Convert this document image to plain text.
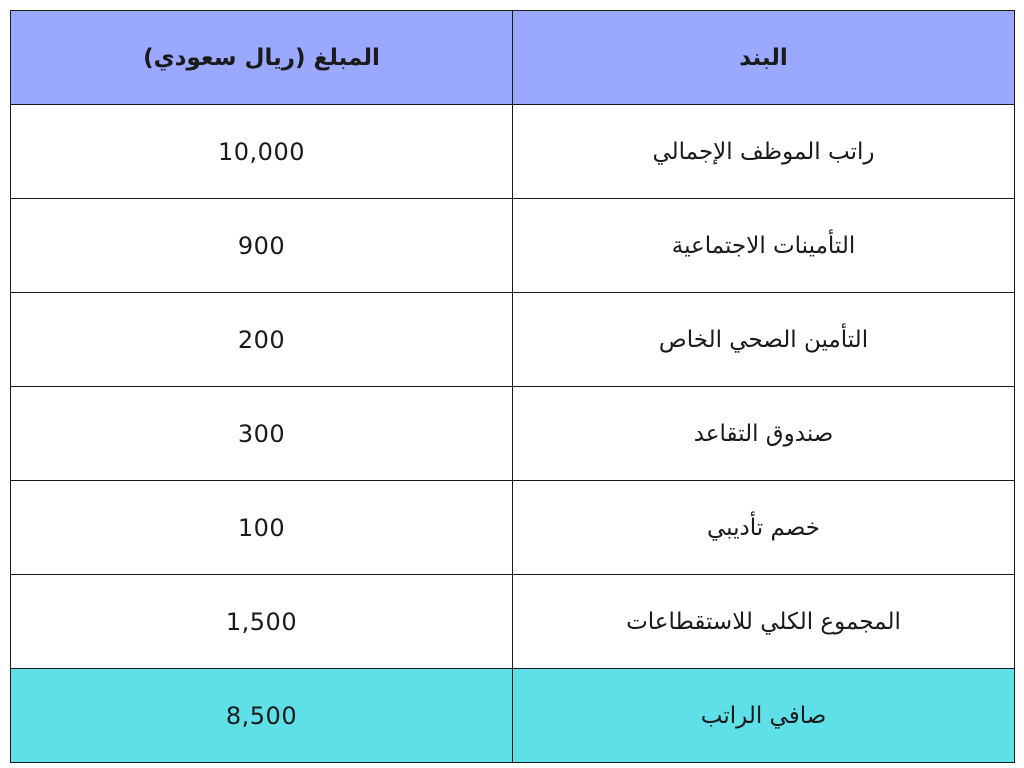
البند	المبلغ (ريال سعودي)
راتب الموظف الإجمالي	10,000
التأمينات الاجتماعية	900
التأمين الصحي الخاص	200
صندوق التقاعد	300
خصم تأديبي	100
المجموع الكلي للاستقطاعات	1,500
صافي الراتب	8,500
